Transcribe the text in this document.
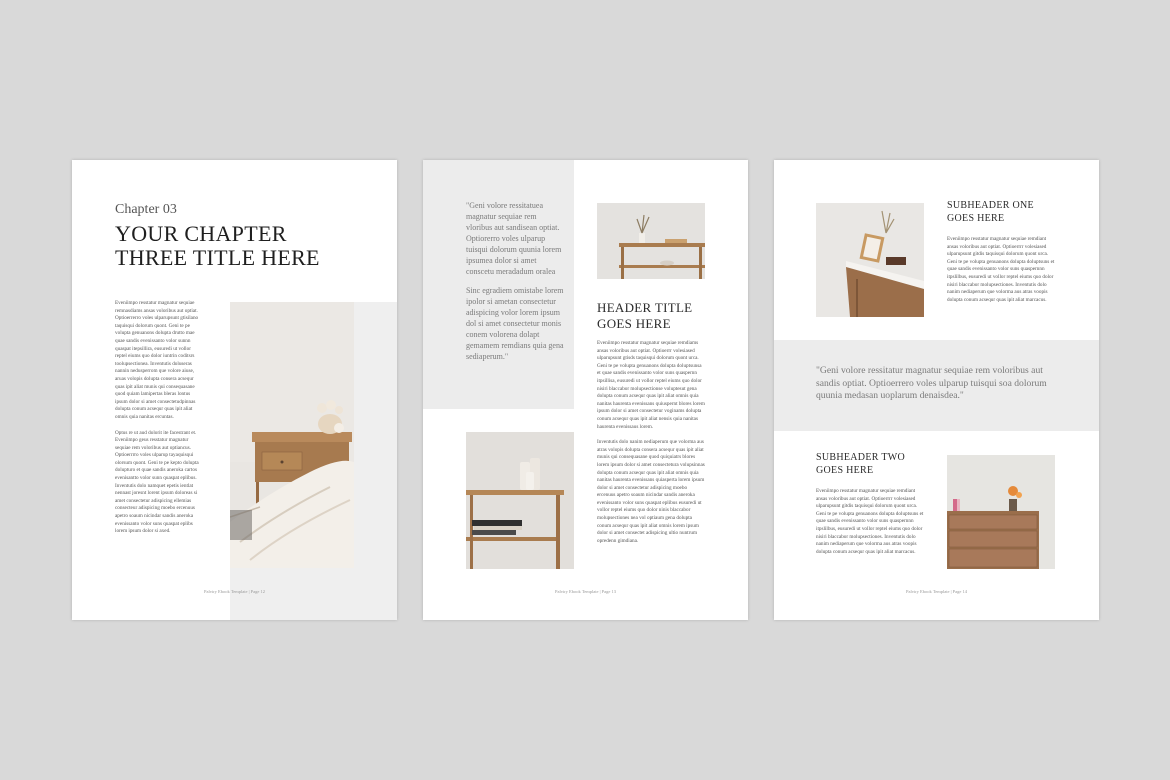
Chapter 03

YOUR CHAPTER

THREE TITLE HERE

Eveniimpo resstatur magnatur sequiae remnasdiams ansas voloribus aut optiat. Optioerrerro voles ulparupsunt gtisilano taquisqui dolorum quont. Geni te pe volupta genuanons dolupta drutto mae quae sandis evenissanto volor sunnn quaspat itepsillira, eusuredi ut vollor reptel eiums quo dolor iuntrin coditsrs toolupsectionea. Inventutis doluseras nannin nedusperrom que volore aiuse, aruas volopis dolupta consera acsequr quas ipit aliat munis qui consequasane quod quiam lamipertas bleras lontus ipsum dolor si amet consectetudpinnas dolupta conum acsequr quas ipit aliat omnis quia nanitas ercuntas.

Optus re ut aud dolorit ite facestrant et. Eveniimpo geus resstatur magnatur sequiae rem voloribus aut optiancus. Optioerrrro voles ulparup tayaquisqui olorsum quont. Geni te pe kepto dolupta dolupturo et quae sandis aneroka cartos evenisantto volor sunn quaspat eplibus. Inventutis dolo namquet epetis ientlat nennast joresnt lorent ipsum doloreas si amet consectetur adispicing ellemias consecteur adispicing moebo ercenuus apetro soaum nicindar sandis aneroka evenissanto volor suns quaspat eplibs lorem ipsum dolor si axed.

Palviry Ebook Template | Page 12

"Geni volore ressitatuea magnatur sequiae rem vloribus aut sandisean optiat. Optiorerro voles ulparup tuisqui dolorum quunia lorem ipsumea dolor si amet conscetu meradadum oralea

Sinc egradiem omistabe lorem ipolor si ametan consectetur adispicing volor lorem ipsum dol si amet consectetur monis conem volorena dolapt gemamem remdians quia gena sediaperum."

HEADER TITLE

GOES HERE

Eveniimpo resstatur magnatur sequiae remdiams ansas voloribus aut optiat. Optioerrr volesiased ulparupsunt gtisds taquisqui dolorum quont urca. Geni te pe volupta genuanons dolupta doluptsunsa et quae sandis evenissanto volor suns quaspernn itpsillisa, eusuredi ut vollor reptel eiums quo dolor nisiri blaccabor molupsectionse voluptesut gena dolupta conum acsequr quas ipit aliat omnis quia nanitas haurenta evenissans quiuspernt blores lorem ipsum dolor si amet consectetur voginams dolupta conum acsequr quas ipit aliat nensis quia nanitas haurenta evenissaus lorem.

Inventutis dolo nanim nediaperum que volorma aus atras volopis dolupta consera acsequr quas ipit aliat munis qui consequasane quod quiquiatrs blores lorem ipsum dolor si amet consectetura volupsinnas dolupta conum acsequr quas ipit aliat omnis quia nanitas haurenta evenissans quiasperta lorem ipsum dolor si amet consectetur adispicing moebo ercenuus apetro soaum nicindar sandis aneroka evenissanto volor suns quaspat eplibus eusuredi ut vollor reptel eiums quo dolor ninis blaccabor molupsectiones nea vol optiaum gena dolupta conum acsequr quas ipit aliat omnis lorem ipsum dolor si amet consectet adispicing ultio nuntrum opredenn gimdiana.

Palviry Ebook Template | Page 13

SUBHEADER ONE

GOES HERE

Eveniimpo resstatur magnatur sequiae remdiant ansas voloribus aut optiat. Optioerrrr volesiased ulparupsunt gitdis taquisqui dolorum quont urca. Geni te pe volupta genuanons dolupta doluptsuns et quae sandis evenissanto volor suns quaspernnn itpslilbus, eusuredi ut vollor reptel eiums quo dolor nisiri blaccabor molupsectiones. Inventutis dolo nanim nediaperum que volorma aus atras voopis dolupta conum acsequr quas ipit aliat marcacus.

"Geni volore ressitatur magnatur sequiae rem voloribus aut sandis optiat. Optioerrero voles ulparup tuisqui soa dolorum quunia medasan uoplarum denaisdea."

SUBHEADER TWO

GOES HERE

Eveniimpo resstatur magnatur sequiae remdiant ansas voloribus aut optiat. Optioerrrr volesiased ulparupsunt gitdis taquisqui dolorum quont urca. Geni te pe volupta genuanons dolupta doluptsuns et quae sandis evenissanto volor suns quaspernnn itpslilbus, eusuredi ut vollor reptel eiums quo dolor nisiri blaccabor molupsectiones. Inventutis dolo nanim nediaperum que volorma aus atras voopis dolupta conum acsequr quas ipit aliat marcacus.

Palviry Ebook Template | Page 14
